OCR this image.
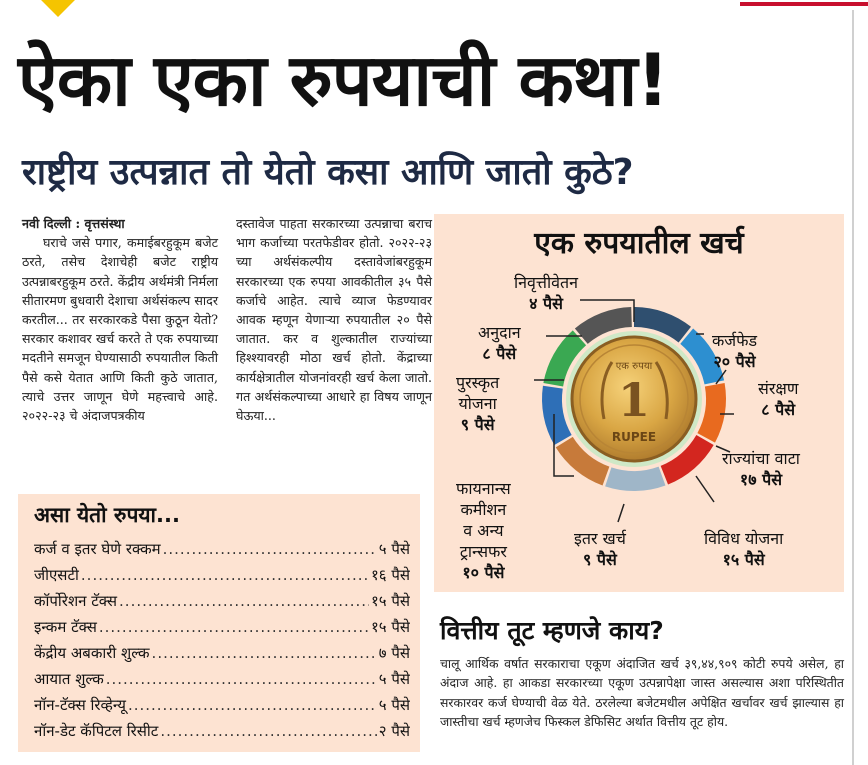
ऐका एका रुपयाची कथा!
राष्ट्रीय उत्पन्नात तो येतो कसा आणि जातो कुठे?
नवी दिल्ली : वृत्तसंस्था
घराचे जसे पगार, कमाईबरहुकूम बजेट ठरते, तसेच देशाचेही बजेट राष्ट्रीय उत्पन्नाबरहुकूम ठरते. केंद्रीय अर्थमंत्री निर्मला सीतारमण बुधवारी देशाचा अर्थसंकल्प सादर करतील... तर सरकारकडे पैसा कुठून येतो? सरकार कशावर खर्च करते ते एक रुपयाच्या मदतीने समजून घेण्यासाठी रुपयातील किती पैसे कसे येतात आणि किती कुठे जातात, त्याचे उत्तर जाणून घेणे महत्त्वाचे आहे. २०२२-२३ चे अंदाजपत्रकीय
दस्तावेज पाहता सरकारच्या उत्पन्नाचा बराच भाग कर्जाच्या परतफेडीवर होतो. २०२२-२३ च्या अर्थसंकल्पीय दस्तावेजांबरहुकूम सरकारच्या एक रुपया आवकीतील ३५ पैसे कर्जाचे आहेत. त्याचे व्याज फेडण्यावर आवक म्हणून येणाऱ्या रुपयातील २० पैसे जातात. कर व शुल्कातील राज्यांच्या हिश्श्यावरही मोठा खर्च होतो. केंद्राच्या कार्यक्षेत्रातील योजनांवरही खर्च केला जातो. गत अर्थसंकल्पाच्या आधारे हा विषय जाणून घेऊया...
असा येतो रुपया...
कर्ज व इतर घेणे रक्कम .....	५ पैसे
जीएसटी .....	१६ पैसे
कॉर्पोरेशन टॅक्स .....	१५ पैसे
इन्कम टॅक्स .....	१५ पैसे
केंद्रीय अबकारी शुल्क .....	७ पैसे
आयात शुल्क .....	५ पैसे
नॉन-टॅक्स रिव्हेन्यू .....	५ पैसे
नॉन-डेट कॅपिटल रिसीट .....	२ पैसे
एक रुपया
1
RUPEE
एक रुपयातील खर्च
निवृत्तीवेतन
४ पैसे
कर्जफेड
२० पैसे
संरक्षण
८ पैसे
राज्यांचा वाटा
१७ पैसे
विविध योजना
१५ पैसे
इतर खर्च
९ पैसे
फायनान्स
कमीशन
व अन्य
ट्रान्सफर
१० पैसे
पुरस्कृत
योजना
९ पैसे
अनुदान
८ पैसे
वित्तीय तूट म्हणजे काय?
चालू आर्थिक वर्षात सरकाराचा एकूण अंदाजित खर्च ३९,४४,९०९ कोटी रुपये असेल, हा अंदाज आहे. हा आकडा सरकारच्या एकूण उत्पन्नापेक्षा जास्त असल्यास अशा परिस्थितीत सरकारवर कर्ज घेण्याची वेळ येते. ठरलेल्या बजेटमधील अपेक्षित खर्चावर खर्च झाल्यास हा जास्तीचा खर्च म्हणजेच फिस्कल डेफिसिट अर्थात वित्तीय तूट होय.
